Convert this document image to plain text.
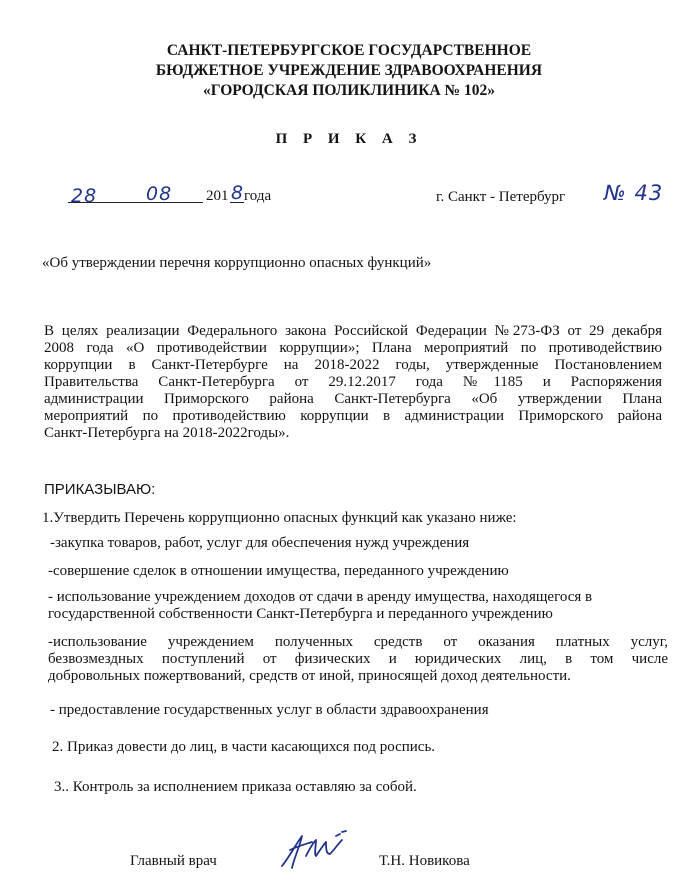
САНКТ-ПЕТЕРБУРГСКОЕ ГОСУДАРСТВЕННОЕ
БЮДЖЕТНОЕ УЧРЕЖДЕНИЕ ЗДРАВООХРАНЕНИЯ
«ГОРОДСКАЯ ПОЛИКЛИНИКА № 102»
П Р И К А З
28	08 201 8 года	г. Санкт - Петербург № 43
«Об утверждении перечня коррупционно опасных функций»
В целях реализации Федерального закона Российской Федерации №273-ФЗ от 29 декабря
2008 года «О противодействии коррупции»; Плана мероприятий по противодействию
коррупции в Санкт-Петербурге на 2018-2022 годы, утвержденные Постановлением
Правительства Санкт-Петербурга от 29.12.2017 года №1185 и Распоряжения
администрации Приморского района Санкт-Петербурга «Об утверждении Плана
мероприятий по противодействию коррупции в администрации Приморского района
Санкт-Петербурга на 2018-2022годы».
ПРИКАЗЫВАЮ:
1.Утвердить Перечень коррупционно опасных функций как указано ниже:
-закупка товаров, работ, услуг для обеспечения нужд учреждения
-совершение сделок в отношении имущества, переданного учреждению
- использование учреждением доходов от сдачи в аренду имущества, находящегося в
государственной собственности Санкт-Петербурга и переданного учреждению
-использование учреждением полученных средств от оказания платных услуг,
безвозмездных поступлений от физических и юридических лиц, в том числе
добровольных пожертвований, средств от иной, приносящей доход деятельности.
- предоставление государственных услуг в области здравоохранения
2. Приказ довести до лиц, в части касающихся под роспись.
3.. Контроль за исполнением приказа оставляю за собой.
Главный врач	Т.Н. Новикова
